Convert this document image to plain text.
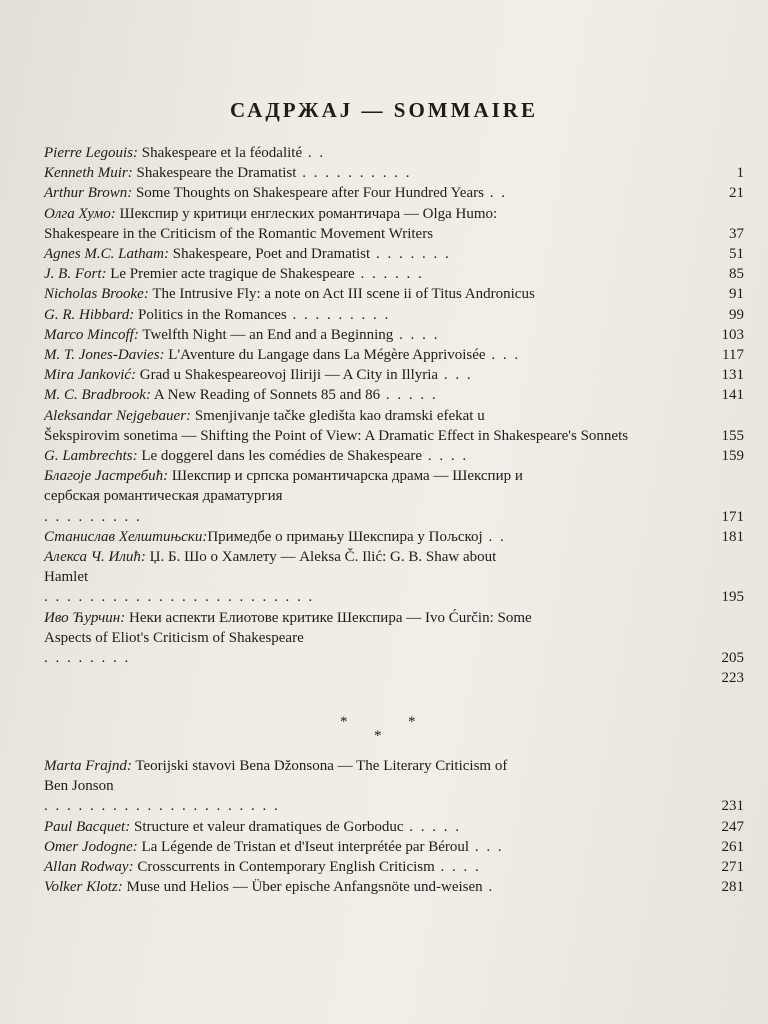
САДРЖАЈ — SOMMAIRE
Pierre Legouis: Shakespeare et la féodalité . .
Kenneth Muir: Shakespeare the Dramatist . . . . . . . . . .	1
Arthur Brown: Some Thoughts on Shakespeare after Four Hundred Years . .	21
Олга Хумо: Шекспир у критици енглеских романтичара — Olga Humo:
Shakespeare in the Criticism of the Romantic Movement Writers	37
Agnes M.C. Latham: Shakespeare, Poet and Dramatist . . . . . . .	51
J. B. Fort: Le Premier acte tragique de Shakespeare . . . . . .	85
Nicholas Brooke: The Intrusive Fly: a note on Act III scene ii of Titus Andronicus	91
G. R. Hibbard: Politics in the Romances . . . . . . . . .	99
Marco Mincoff: Twelfth Night — an End and a Beginning . . . .	103
M. T. Jones-Davies: L'Aventure du Langage dans La Mégère Apprivoisée . . .	117
Mira Janković: Grad u Shakespeareovoj Iliriji — A City in Illyria . . .	131
M. C. Bradbrook: A New Reading of Sonnets 85 and 86 . . . . .	141
Aleksandar Nejgebauer: Smenjivanje tačke gledišta kao dramski efekat u
Šekspirovim sonetima — Shifting the Point of View: A Dramatic Effect in Shakespeare's Sonnets	155
G. Lambrechts: Le doggerel dans les comédies de Shakespeare . . . .	159
Благоје Јастребић: Шекспир и српска романтичарска драма — Шекспир и
сербская романтическая драматургия
. . . . . . . . .	171
Станислав Хелштињски:Примедбе о примању Шекспира у Пољској . .	181
Алекса Ч. Илић: Џ. Б. Шо о Хамлету — Aleksa Č. Ilić: G. B. Shaw about
Hamlet
. . . . . . . . . . . . . . . . . . . . . . . .	195
Иво Ћурчин: Неки аспекти Елиотове критике Шекспира — Ivo Ćurčin: Some
Aspects of Eliot's Criticism of Shakespeare
. . . . . . . .	205
223
*	*
*
Marta Frajnd: Teorijski stavovi Bena Džonsona — The Literary Criticism of
Ben Jonson
. . . . . . . . . . . . . . . . . . . . .	231
Paul Bacquet: Structure et valeur dramatiques de Gorboduc . . . . .	247
Omer Jodogne: La Légende de Tristan et d'Iseut interprétée par Béroul . . .	261
Allan Rodway: Crosscurrents in Contemporary English Criticism . . . .	271
Volker Klotz: Muse und Helios — Über epische Anfangsnöte und-weisen .	281
